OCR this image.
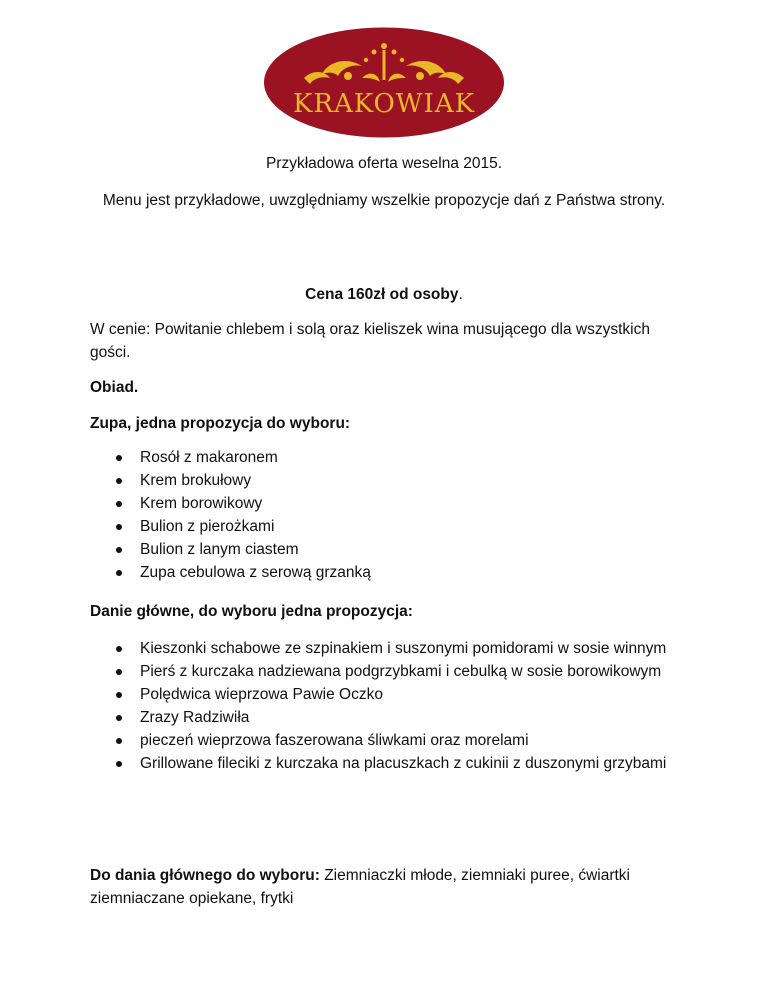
KRAKOWIAK
Przykładowa oferta weselna 2015.
Menu jest przykładowe, uwzględniamy wszelkie propozycje dań z Państwa strony.
Cena 160zł od osoby.
W cenie: Powitanie chlebem i solą oraz kieliszek wina musującego dla wszystkich gości.
Obiad.
Zupa, jedna propozycja do wyboru:
Rosół z makaronem
Krem brokułowy
Krem borowikowy
Bulion z pierożkami
Bulion z lanym ciastem
Zupa cebulowa z serową grzanką
Danie główne, do wyboru jedna propozycja:
Kieszonki schabowe ze szpinakiem i suszonymi pomidorami w sosie winnym
Pierś z kurczaka nadziewana podgrzybkami i cebulką w sosie borowikowym
Polędwica wieprzowa Pawie Oczko
Zrazy Radziwiła
pieczeń wieprzowa faszerowana śliwkami oraz morelami
Grillowane fileciki z kurczaka na placuszkach z cukinii z duszonymi grzybami
Do dania głównego do wyboru: Ziemniaczki młode, ziemniaki puree, ćwiartki ziemniaczane opiekane, frytki
